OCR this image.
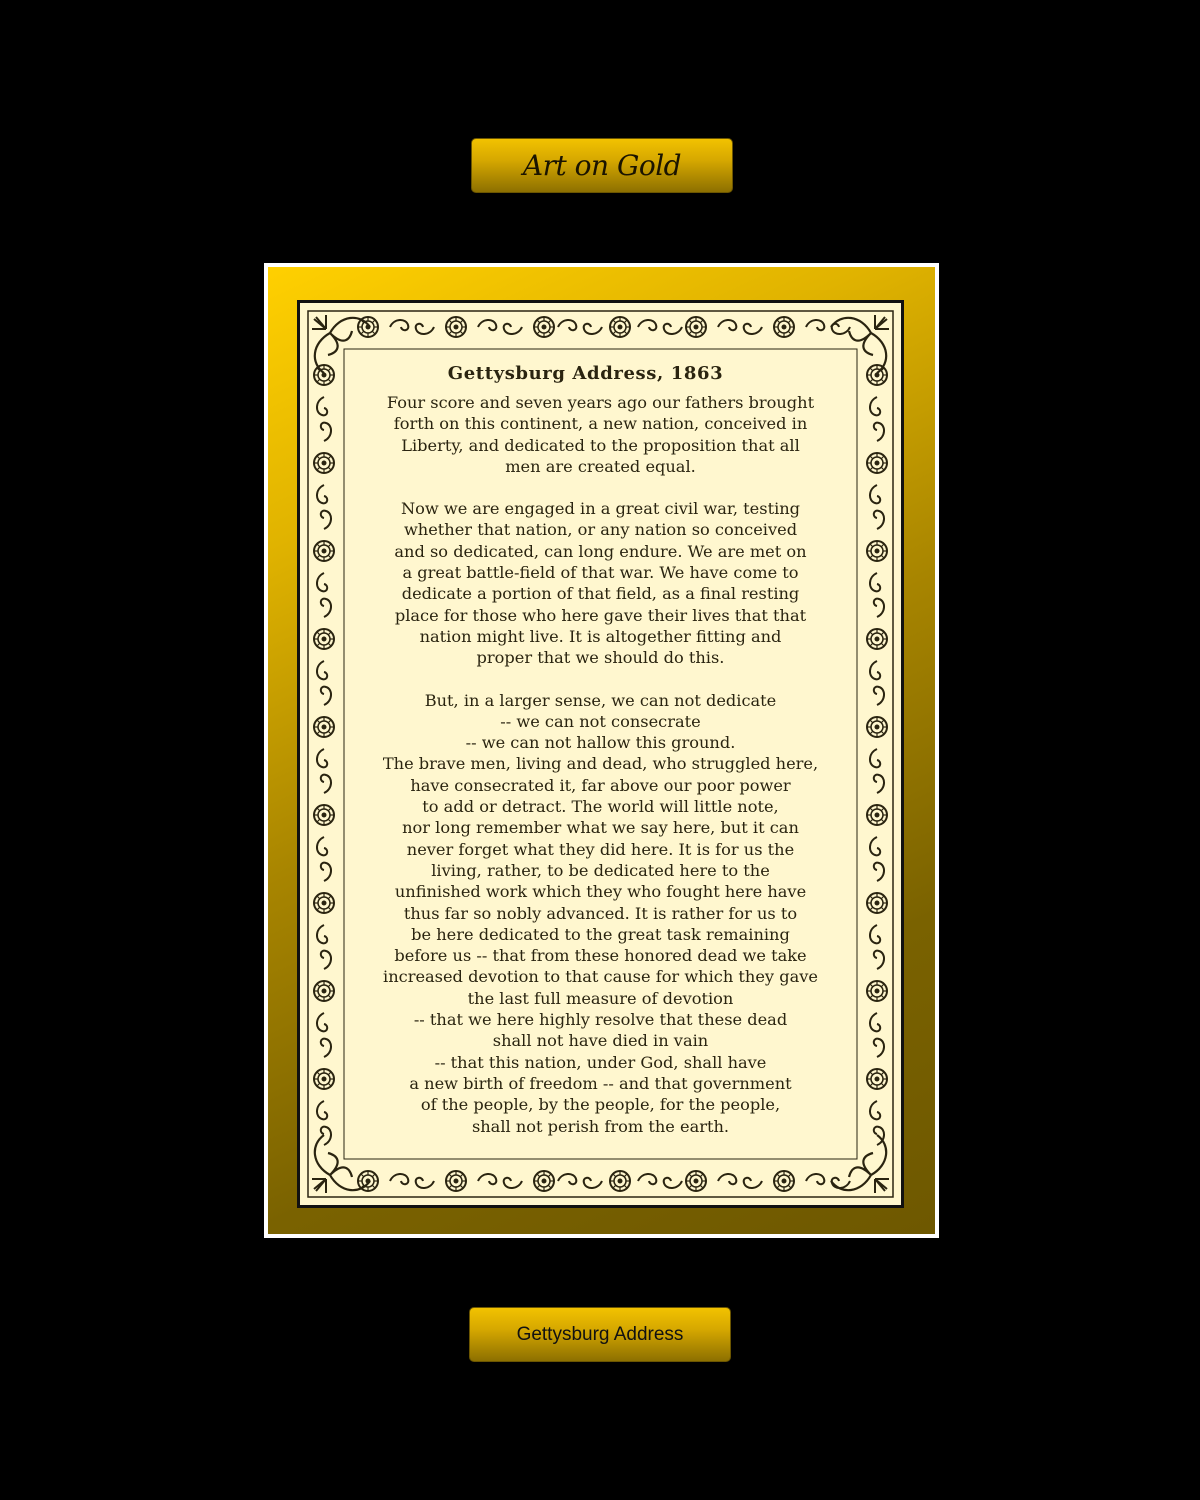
Art on Gold
Gettysburg Address, 1863
Four score and seven years ago our fathers brought
forth on this continent, a new nation, conceived in
Liberty, and dedicated to the proposition that all
men are created equal.
Now we are engaged in a great civil war, testing
whether that nation, or any nation so conceived
and so dedicated, can long endure. We are met on
a great battle-field of that war. We have come to
dedicate a portion of that field, as a final resting
place for those who here gave their lives that that
nation might live. It is altogether fitting and
proper that we should do this.
But, in a larger sense, we can not dedicate
-- we can not consecrate
-- we can not hallow this ground.
The brave men, living and dead, who struggled here,
have consecrated it, far above our poor power
to add or detract. The world will little note,
nor long remember what we say here, but it can
never forget what they did here. It is for us the
living, rather, to be dedicated here to the
unfinished work which they who fought here have
thus far so nobly advanced. It is rather for us to
be here dedicated to the great task remaining
before us -- that from these honored dead we take
increased devotion to that cause for which they gave
the last full measure of devotion
-- that we here highly resolve that these dead
shall not have died in vain
-- that this nation, under God, shall have
a new birth of freedom -- and that government
of the people, by the people, for the people,
shall not perish from the earth.
Gettysburg Address
